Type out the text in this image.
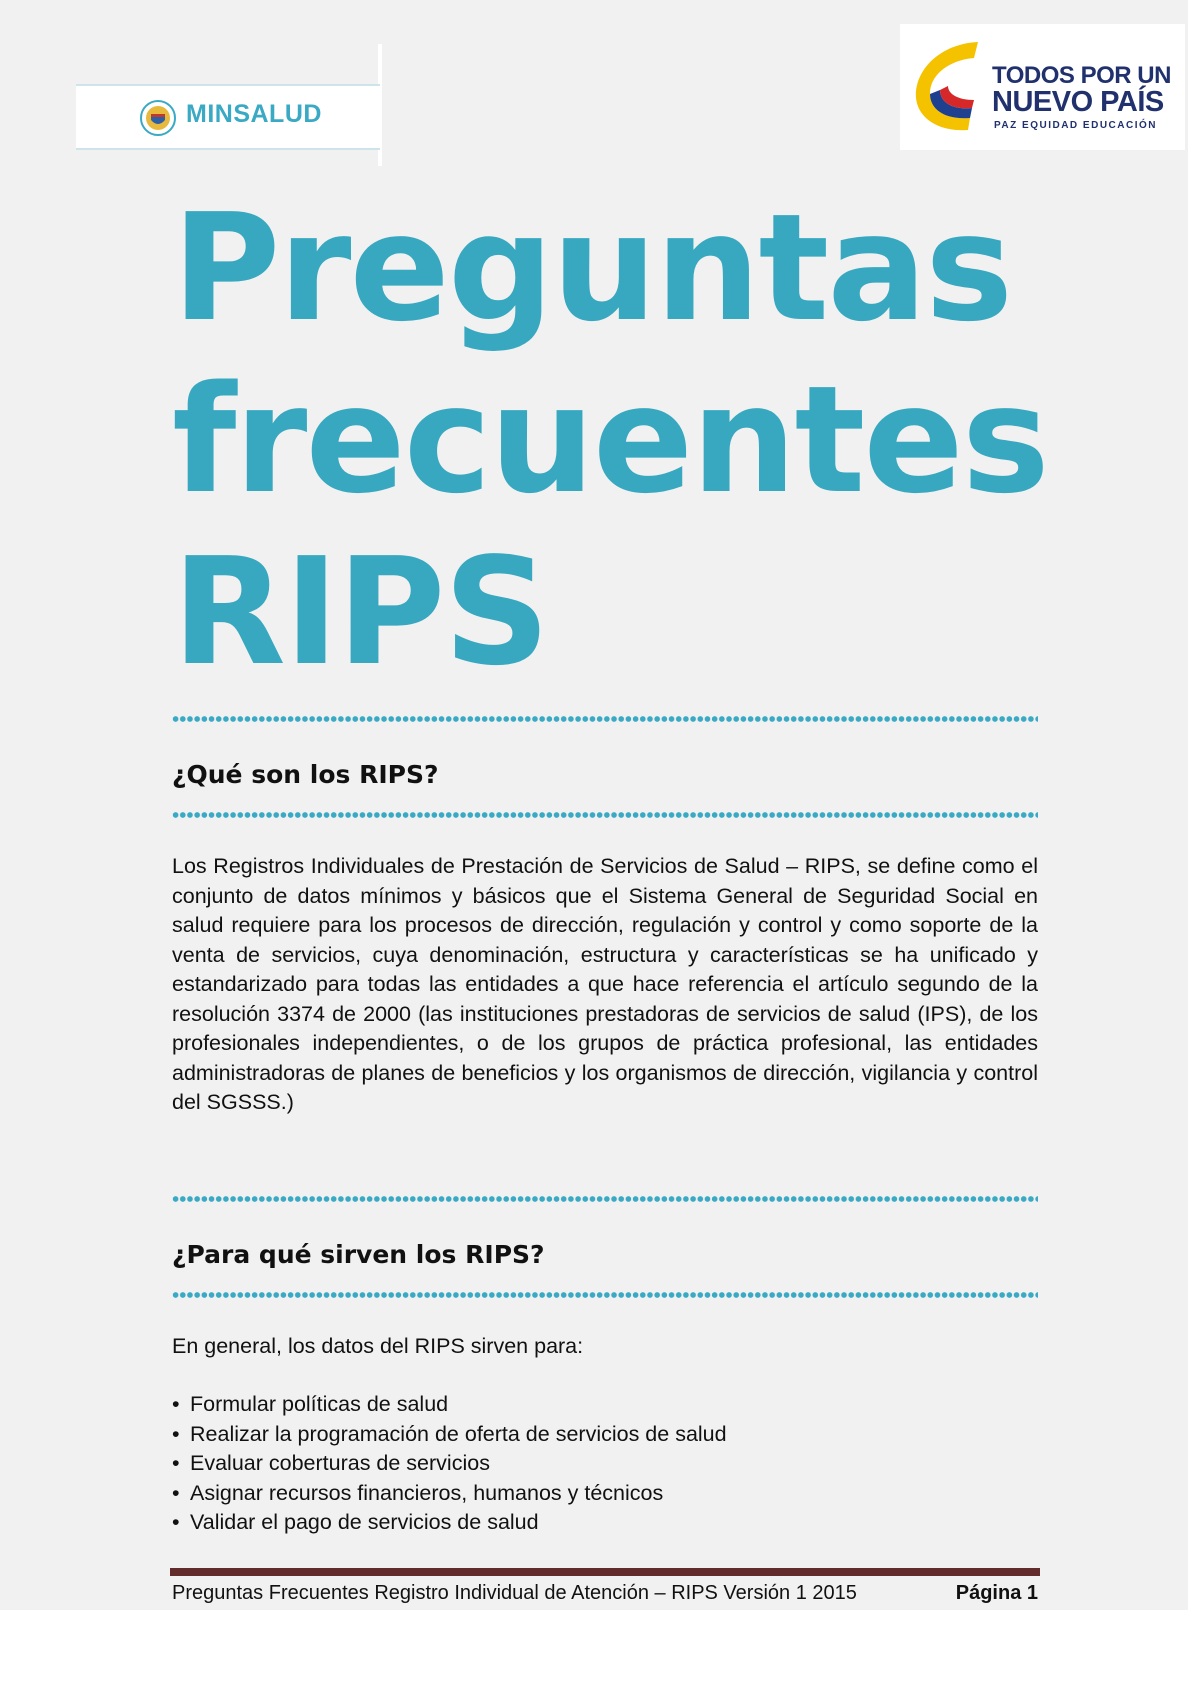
MINSALUD
TODOS POR UN
NUEVO PAÍS
PAZ EQUIDAD EDUCACIÓN
Preguntas
frecuentes
RIPS
¿Qué son los RIPS?

Los Registros Individuales de Prestación de Servicios de Salud – RIPS, se define como el conjunto de datos mínimos y básicos que el Sistema General de Seguridad Social en salud requiere para los procesos de dirección, regulación y control y como soporte de la venta de servicios, cuya denominación, estructura y características se ha unificado y estandarizado para todas las entidades a que hace referencia el artículo segundo de la resolución 3374 de 2000 (las instituciones prestadoras de servicios de salud (IPS), de los profesionales independientes, o de los grupos de práctica profesional, las entidades administradoras de planes de beneficios y los organismos de dirección, vigilancia y control del SGSSS.)

¿Para qué sirven los RIPS?

En general, los datos del RIPS sirven para:

• Formular políticas de salud
• Realizar la programación de oferta de servicios de salud
• Evaluar coberturas de servicios
• Asignar recursos financieros, humanos y técnicos
• Validar el pago de servicios de salud
Preguntas Frecuentes Registro Individual de Atención – RIPS Versión 1 2015	Página 1
